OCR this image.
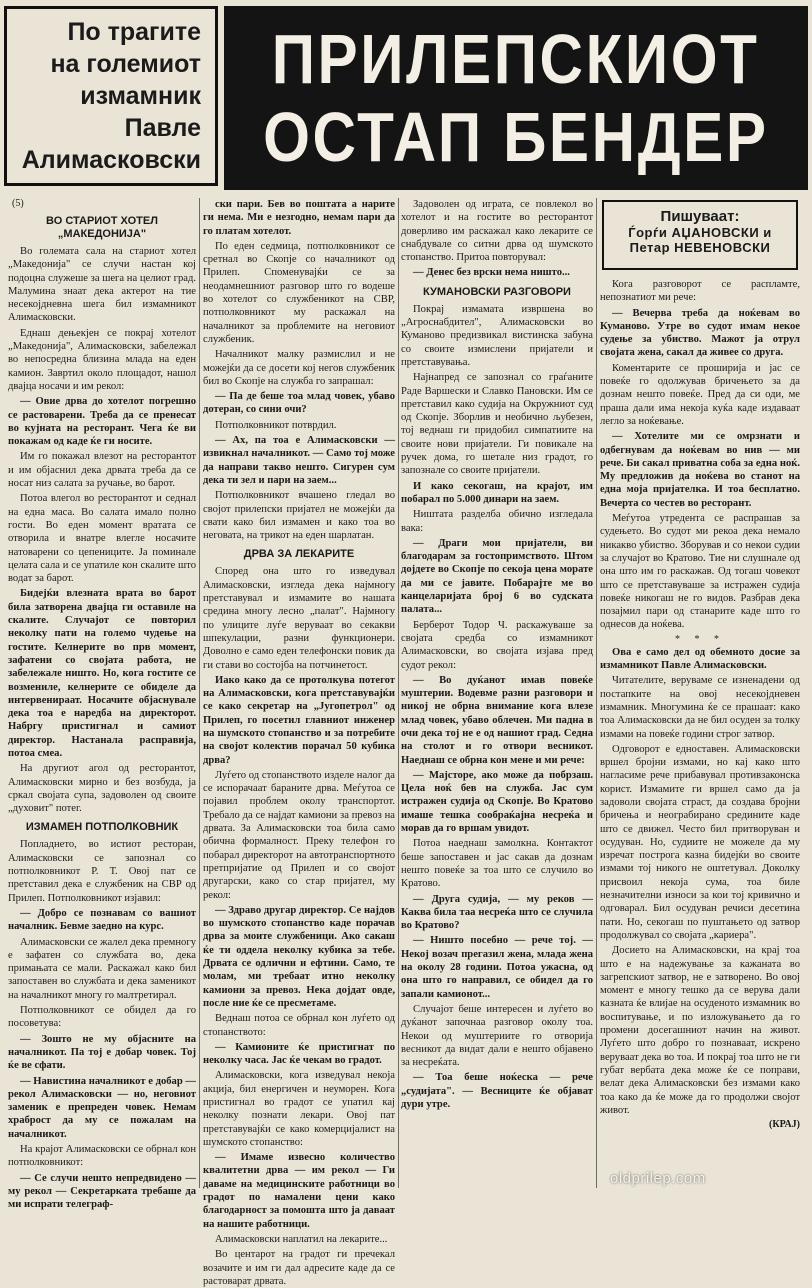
По трагите
на големиот
измамник
Павле
Алимасковски
ПРИЛЕПСКИОТ
ОСТАП БЕНДЕР
Пишуваат:
Ѓорѓи АЏАНОВСКИ и
Петар НЕВЕНОВСКИ
(5)
ВО СТАРИОТ ХОТЕЛ „МАКЕДОНИЈА"

Во големата сала на стариот хотел „Македонија" се случи настан кој подоцна служеше за шега на целиот град. Малумина знаат дека актерот на тие несекојдневна шега бил измамникот Алимасковски.

Еднаш дењекјен се покрај хотелот „Македонија", Алимасковски, забележал во непосредна близина млада на еден камион. Завртил около площадот, нашол двајца носачи и им рекол:

— Овие дрва до хотелот погрешно се растоварени. Треба да се пренесат во кујната на ресторант. Чега ќе ви покажам од каде ќе ги носите.

Им го покажал влезот на ресторантот и им објаснил дека дрвата треба да се носат низ салата за ручање, во барот.

Потоа влегол во ресторантот и седнал на една маса. Во салата имало полно гости. Во еден момент вратата се отворила и внатре влегле носачите натоварени со цепениците. Ја поминале целата сала и се упатиле кон скалите што водат за барот.

Бидејќи влезната врата во барот била затворена двајца ги оставиле на скалите. Случајот се повторил неколку пати на големо чудење на гостите. Келнерите во прв момент, зафатени со својата работа, не забележале ништо. Но, кога гостите се возмениле, келнерите се обиделе да интервенираат. Носачите објаснувале дека тоа е наредба на директорот. Набргу пристигнал и самиот директор. Настанала расправија, потоа смеа.

На другиот агол од ресторантот, Алимасковски мирно и без возбуда, ја сркал својата супа, задоволен од своите „духовит" потег.

ИЗМАМЕН ПОТПОЛКОВНИК

Попладнето, во истиот ресторан, Алимасковски се запознал со потполковникот Р. Т. Овој пат се претставил дека е службеник на СВР од Прилеп. Потполковникот изјавил:

— Добро се познавам со вашиот началник. Бевме заедно на курс.

Алимасковски се жалел дека премногу е зафатен со службата во, дека примањата се мали. Раскажал како бил запоставен во службата и дека заменикот на началникот многу го малтретирал.

Потполковникот се обидел да го посоветува:

— Зошто не му објасните на началникот. Па тој е добар човек. Тој ќе ве сфати.

— Навистина началникот е добар — рекол Алимасковски — но, неговиот заменик е препреден човек. Немам храброст да му се пожалам на началникот.

На крајот Алимасковски се обрнал кон потполковникот:

— Се случи нешто непредвидено — му рекол — Секретарката требаше да ми испрати телеграф-

ски пари. Бев во поштата а нарите ги нема. Ми е незгодно, немам пари да го платам хотелот.

По еден седмица, потполковникот се сретнал во Скопје со началникот од Прилеп. Споменувајќи се за неодамнешниот разговор што го водеше во хотелот со службеникот на СВР, потполковникот му раскажал на началникот за проблемите на неговиот службеник.

Началникот малку размислил и не можејќи да се досети кој негов службеник бил во Скопје на служба го запрашал:

— Па дe беше тоа млад човек, убаво дотеран, со сини очи?

Потполковникот потврдил.

— Ах, па тоа е Алимасковски — извикнал началникот. — Само тој може да направи такво нешто. Сигурен сум дека ти зел и пари на заем...

Потполковникот вчашено гледал во својот прилепски пријател не можејќи да свати како бил измамен и како тоа во неговата, на трикот на еден шарлатан.

ДРВА ЗА ЛЕКАРИТЕ

Според она што го изведувал Алимасковски, изгледа дека најмногу претставувал и измамите во нашата средина многу лесно „палат". Најмногу по улиците луѓе веруваат во секакви шпекулации, разни функционери. Доволно е само еден телефонски повик да ги стави во состојба на потчинетост.

Иако како да се протолкува потегот на Алимасковски, кога претставувајќи се како секретар на „Југопетрол" од Прилеп, го посетил главниот инженер на шумското стопанство и за потребите на својот колектив порачал 50 кубика дрва?

Луѓето од стопанството изделе налог да се испорачаат бараните дрва. Меѓутоа се појавил проблем околу транспортот. Требало да се најдат камиони за превоз на дрвата. За Алимасковски тоа била само обична формалност. Преку телефон го побарал директорот на автотранспортното претпријатие од Прилеп и со својот другарски, како со стар пријател, му рекол:

— Здраво другар директор. Се најдов во шумското стопанство каде порачав дрва за моите службеници. Ако сакаш ќе ти оддела неколку кубика за тебе. Дрвата се одлични и ефтини. Само, те молам, ми требаат итно неколку камиони за превоз. Нека дојдат овде, после ние ќе се пресметаме.

Веднаш потоа се обрнал кон луѓето од стопанството:

— Камионите ќе пристигнат по неколку часа. Јас ќе чекам во градот.

Алимасковски, кога изведувал некоја акција, бил енергичен и неуморен. Кога пристигнал во градот се упатил кај неколку познати лекари. Овој пат претставувајќи се како комерцијалист на шумското стопанство:

— Имаме извесно количество квалитетни дрва — им рекол — Ги даваме на медицинските работници во градот по намалени цени како благодарност за помошта што ја даваат на нашите работници.

Алимасковски наплатил на лекарите...

Во центарот на градот ги пречекал возачите и им ги дал адресите каде да се растоварат дрвата.

Задоволен од играта, се повлекол во хотелот и на гостите во ресторантот доверливо им раскажал како лекарите се снабдувале со ситни дрва од шумското стопанство. Притоа повторувал:

— Денес без врски нема ништо...

КУМАНОВСКИ РАЗГОВОРИ

Покрај измамата извршена во „Агроснабдител", Алимасковски во Куманово предизвикал вистинска забуна со своите измислени пријатели и претставувања.

Најнапред се запознал со граѓаните Раде Варшески и Славко Пановски. Им се претставил како судија на Окружниот суд од Скопје. Зборлив и необично љубезен, тој веднаш ги придобил симпатиите на своите нови пријатели. Ги повикале на ручек дома, го шетале низ градот, го запознале со своите пријатели.

И како секогаш, на крајот, им побарал по 5.000 динари на заем.

Ништата разделба обично изгледала вака:

— Драги мои пријатели, ви благодарам за гостопримството. Штом дојдете во Скопје по секоја цена морате да ми се јавите. Побарајте ме во канцеларијата број 6 во судската палата...

Берберот Тодор Ч. раскажуваше за својата средба со измамникот Алимасковски, во својата изјава пред судот рекол:

— Во дуќанот имав повеќе муштерии. Водевме разни разговори и никој не обрна внимание кога влезе млад човек, убаво облечен. Ми падна в очи дека тој не е од нашиот град. Седна на столот и го отвори весникот. Наеднаш се обрна кон мене и ми рече:

— Мајсторе, ако може да побрзаш. Цела ноќ бев на служба. Јас сум истражен судија од Скопје. Во Кратово имаше тешка сообраќајна несреќа и морав да го вршам увидот.

Потоа наеднаш замолкна. Контактот беше запоставен и јас сакав да дознам нешто повеќе за тоа што се случило во Кратово.

— Друга судија, — му реков — Каква била таа несреќа што се случила во Кратово?

— Ништо посебно — рече тој. — Некој возач прегазил жена, млада жена на околу 28 години. Потоа ужасна, од она што го направил, се обидел да го запали камионот...

Случајот беше интересен и луѓето во дуќанот започнаа разговор околу тоа. Некои од муштериите го отворија весникот да видат дали е нешто објавено за несреќата.

— Тоа беше ноќеска — рече „судијата". — Весниците ќе објават дури утре.

Кога разговорот се распламте, непознатиот ми рече:

— Вечерва треба да ноќевам во Куманово. Утре во судот имам некое судење за убиство. Мажот ја отрул својата жена, сакал да живее со друга.

Коментарите се проширија и јас се повеќе го одолжував бричењето за да дознам нешто повеќе. Пред да си оди, ме праша дали има некоја куќа каде издаваат легло за ноќевање.

— Хотелите ми се омрзнати и одбегнувам да ноќевам во нив — ми рече. Би сакал приватна соба за една ноќ. Му предложив да ноќева во станот на една моја пријателка. И тоа бесплатно. Вечерта со честев во ресторант.

Меѓутоа утредента се распрашав за судењето. Во судот ми рекоа дека немало никакво убиство. Зборував и со некои судии за случајот во Кратово. Тие ни слушнале од она што им го раскажав. Од тогаш човекот што се претставуваше за истражен судија повеќе никогаш не го видов. Разбрав дека позајмил пари од станарите каде што го однесов да ноќева.

* * *

Ова е само дел од обемното досие за измамникот Павле Алимасковски.

Читателите, веруваме се изненадени од постапките на овој несекојдневен измамник. Многумина ќе се прашаат: како тоа Алимасковски да не бил осуден за толку измами на повеќе години строг затвор.

Одговорот е едноставен. Алимасковски вршел бројни измами, но кај како што нагласимe рече прибавувал противзаконска корист. Измамите ги вршел само да ја задоволи својата страст, да создава бројни бричења и неограбирано средините каде што се движел. Често бил притворуван и осудуван. Но, судиите не можеле да му изречат построга казна бидејќи во своите измами тој никого не оштетувал. Доколку присвоил некоја сума, тоа биле незначителни износи за кои тој кривично и одговарал. Бил осудуван речиси десетина пати. Но, секогаш по пуштањето од затвор продолжувал со својата „кариера".

Досието на Алимасковски, на крај тоа што е на надежување за кажаната во загрепскиот затвор, не е затворено. Во овој момент е многу тешко да се верува дали казната ќе влијае на осуденото измамник во воспитување, и по изложувањето да го промени досегашниот начин на живот. Луѓето што добро го познаваат, искрено веруваат дека во тоа. И покрај тоа што не ги губат вербата дека може ќе се поправи, велат дека Алимасковски без измами како тоа како да ќе може да го продолжи својот живот.

(КРАЈ)
oldprilep.com
